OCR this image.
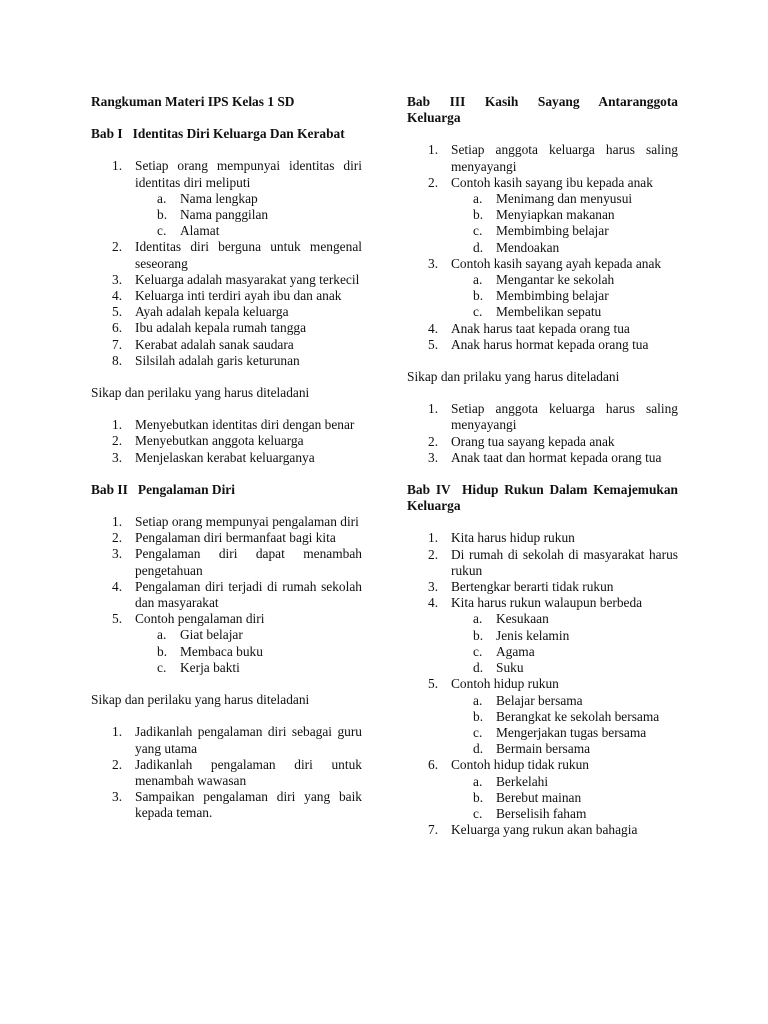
Rangkuman Materi IPS Kelas 1 SD

Bab I   Identitas Diri Keluarga Dan Kerabat

1. Setiap orang mempunyai identitas diri identitas diri meliputi
a.	Nama lengkap
b. Nama panggilan
c.	Alamat
2. Identitas diri berguna untuk mengenal seseorang
3. Keluarga adalah masyarakat yang terkecil
4. Keluarga inti terdiri ayah ibu dan anak
5. Ayah adalah kepala keluarga
6. Ibu adalah kepala rumah tangga
7. Kerabat adalah sanak saudara
8. Silsilah adalah garis keturunan

Sikap dan perilaku yang harus diteladani

1. Menyebutkan identitas diri dengan benar
2. Menyebutkan anggota keluarga
3. Menjelaskan kerabat keluarganya

Bab II   Pengalaman Diri

1. Setiap orang mempunyai pengalaman diri
2. Pengalaman diri bermanfaat bagi kita
3. Pengalaman diri dapat menambah pengetahuan
4. Pengalaman diri terjadi di rumah sekolah dan masyarakat
5. Contoh pengalaman diri
a.	Giat belajar
b. Membaca buku
c.	Kerja bakti

Sikap dan perilaku yang harus diteladani

1. Jadikanlah pengalaman diri sebagai guru yang utama
2. Jadikanlah pengalaman diri untuk menambah wawasan
3. Sampaikan pengalaman diri yang baik kepada teman.

Bab III Kasih Sayang Antaranggota
Keluarga

1. Setiap anggota keluarga harus saling menyayangi
2. Contoh kasih sayang ibu kepada anak
a.	Menimang dan menyusui
b. Menyiapkan makanan
c.	Membimbing belajar
d. Mendoakan
3. Contoh kasih sayang ayah kepada anak
a.	Mengantar ke sekolah
b. Membimbing belajar
c.	Membelikan sepatu
4. Anak harus taat kepada orang tua
5. Anak harus hormat kepada orang tua

Sikap dan prilaku yang harus diteladani

1. Setiap anggota keluarga harus saling menyayangi
2. Orang tua sayang kepada anak
3. Anak taat dan hormat kepada orang tua

Bab IV  Hidup Rukun Dalam Kemajemukan Keluarga

1. Kita harus hidup rukun
2. Di rumah di sekolah di masyarakat harus rukun
3. Bertengkar berarti tidak rukun
4. Kita harus rukun walaupun berbeda
a.	Kesukaan
b. Jenis kelamin
c.	Agama
d. Suku
5. Contoh hidup rukun
a.	Belajar bersama
b. Berangkat ke sekolah bersama
c.	Mengerjakan tugas bersama
d. Bermain bersama
6. Contoh hidup tidak rukun
a.	Berkelahi
b. Berebut mainan
c.	Berselisih faham
7. Keluarga yang rukun akan bahagia
